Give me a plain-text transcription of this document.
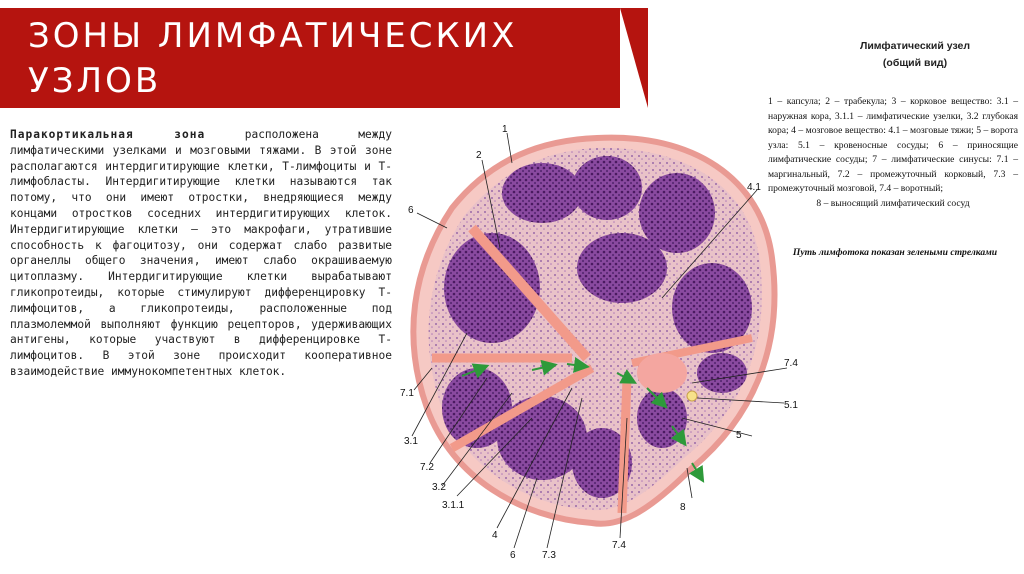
ЗОНЫ ЛИМФАТИЧЕСКИХ
УЗЛОВ
Паракортикальная зона расположена между лимфатическими узелками и мозговыми тяжами. В этой зоне располагаются интердигитирующие клетки, Т-лимфоциты и Т-лимфобласты. Интердигитирующие клетки называются так потому, что они имеют отростки, внедряющиеся между концами отростков соседних интердигитирующих клеток. Интердигитирующие клетки – это макрофаги, утратившие способность к фагоцитозу, они содержат слабо развитые органеллы общего значения, имеют слабо окрашиваемую цитоплазму. Интердигитирующие клетки вырабатывают гликопротеиды, которые стимулируют дифференцировку Т-лимфоцитов, а гликопротеиды, расположенные под плазмолеммой выполняют функцию рецепторов, удерживающих антигены, которые участвуют в дифференцировке Т-лимфоцитов. В этой зоне происходит кооперативное взаимодействие иммунокомпетентных клеток.
1
2
4.1
6
7.4
5.1
5
8
7.1
3.1
7.2
3.2
3.1.1
4
6	7.3
7.4
Лимфатический узел
(общий вид)
1 – капсула; 2 – трабекула; 3 – корковое вещество: 3.1 – наружная кора, 3.1.1 – лимфатические узелки, 3.2 глубокая кора; 4 – мозговое вещество: 4.1 – мозговые тяжи; 5 – ворота узла: 5.1 – кровеносные сосуды; 6 – приносящие лимфатические сосуды; 7 – лимфатические синусы: 7.1 – маргинальный, 7.2 – промежуточный корковый, 7.3 – промежуточный мозговой, 7.4 – воротный;
8 – выносящий лимфатический сосуд
Путь лимфотока показан зелеными стрелками
